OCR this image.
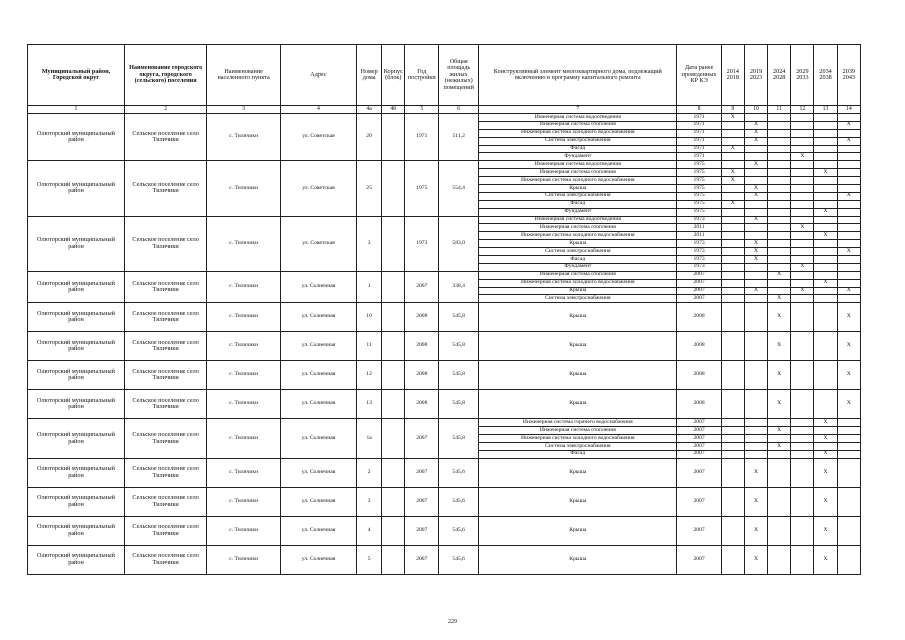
Муниципальный район, Городской округ	Наименование городского округа, городского (сельского) поселения	Наименование населенного пункта	Адрес	Номер дома	Корпус (блок)	Год постройки	Общая площадь жилых (нежилых) помещений	Конструктивный элемент многоквартирного дома, подлежащий включению в программу капитального ремонта	Дата ранее проведенных КР КЭ	2014 2018	2019 2023	2024 2028	2029 2033	2034 2038	2039 2043
1	2	3	4	4а	4б	5	6	7	8	9	10	11	12	13	14
Олюторский муниципальный район	Сельское поселение село Тиличики	с. Тиличики	ул. Советская	20		1971	511,2	Инженерная система водоотведения	1971	X					
								Инженерная система отопления	1971		X				X
								Инженерная система холодного водоснабжения	1971		X				
								Система электроснабжения	1971		X				X
								Фасад	1971	X					
								Фундамент	1971				X		
Олюторский муниципальный район	Сельское поселение село Тиличики	с. Тиличики	ул. Советская	25		1975	554,4	Инженерная система водоотведения	1975		X				
								Инженерная система отопления	1975	X				X	
								Инженерная система холодного водоснабжения	1975	X					
								Крыша	1975		X				
								Система электроснабжения	1975		X				X
								Фасад	1975	X					
								Фундамент	1975					X	
Олюторский муниципальный район	Сельское поселение село Тиличики	с. Тиличики	ул. Советская	3		1973	583,0	Инженерная система водоотведения	1973		X				
								Инженерная система отопления	2011				X		
								Инженерная система холодного водоснабжения	2011					X	
								Крыша	1973		X				
								Система электроснабжения	1973		X				X
								Фасад	1973		X				
								Фундамент	1973				X		
Олюторский муниципальный район	Сельское поселение село Тиличики	с. Тиличики	ул. Солнечная	1		2007	338,4	Инженерная система отопления	2007			X			
								Инженерная система холодного водоснабжения	2007					X	
								Крыша	2007		X		X		X
								Система электроснабжения	2007			X			
Олюторский муниципальный район	Сельское поселение село Тиличики	с. Тиличики	ул. Солнечная	10		2008	545,8	Крыша	2008			X			X
Олюторский муниципальный район	Сельское поселение село Тиличики	с. Тиличики	ул. Солнечная	11		2008	545,8	Крыша	2008			X			X
Олюторский муниципальный район	Сельское поселение село Тиличики	с. Тиличики	ул. Солнечная	12		2008	545,8	Крыша	2008			X			X
Олюторский муниципальный район	Сельское поселение село Тиличики	с. Тиличики	ул. Солнечная	13		2008	545,8	Крыша	2008			X			X
Олюторский муниципальный район	Сельское поселение село Тиличики	с. Тиличики	ул. Солнечная	1а		2007	545,8	Инженерная система горячего водоснабжения	2007					X	
								Инженерная система отопления	2007			X			
								Инженерная система холодного водоснабжения	2007					X	
								Система электроснабжения	2007			X			
								Фасад	2007					X	
Олюторский муниципальный район	Сельское поселение село Тиличики	с. Тиличики	ул. Солнечная	2		2007	545,6	Крыша	2007		X			X	
Олюторский муниципальный район	Сельское поселение село Тиличики	с. Тиличики	ул. Солнечная	3		2007	545,6	Крыша	2007		X			X	
Олюторский муниципальный район	Сельское поселение село Тиличики	с. Тиличики	ул. Солнечная	4		2007	545,6	Крыша	2007		X			X	
Олюторский муниципальный район	Сельское поселение село Тиличики	с. Тиличики	ул. Солнечная	5		2007	545,6	Крыша	2007		X			X	
229
